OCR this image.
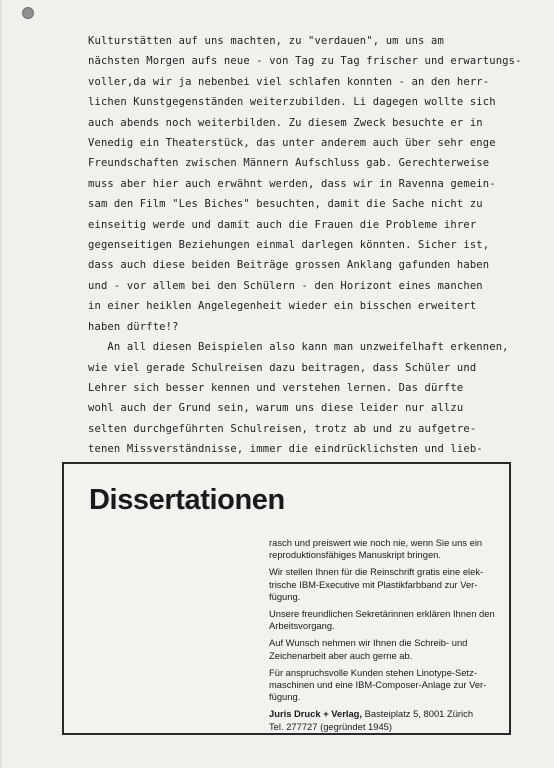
Kulturstätten auf uns machten, zu "verdauen", um uns am
nächsten Morgen aufs neue - von Tag zu Tag frischer und erwartungs-
voller,da wir ja nebenbei viel schlafen konnten - an den herr-
lichen Kunstgegenständen weiterzubilden. Li dagegen wollte sich
auch abends noch weiterbilden. Zu diesem Zweck besuchte er in
Venedig ein Theaterstück, das unter anderem auch über sehr enge
Freundschaften zwischen Männern Aufschluss gab. Gerechterweise
muss aber hier auch erwähnt werden, dass wir in Ravenna gemein-
sam den Film "Les Biches" besuchten, damit die Sache nicht zu
einseitig werde und damit auch die Frauen die Probleme ihrer
gegenseitigen Beziehungen einmal darlegen könnten. Sicher ist,
dass auch diese beiden Beiträge grossen Anklang gafunden haben
und - vor allem bei den Schülern - den Horizont eines manchen
in einer heiklen Angelegenheit wieder ein bisschen erweitert
haben dürfte!?
An all diesen Beispielen also kann man unzweifelhaft erkennen,
wie viel gerade Schulreisen dazu beitragen, dass Schüler und
Lehrer sich besser kennen und verstehen lernen. Das dürfte
wohl auch der Grund sein, warum uns diese leider nur allzu
selten durchgeführten Schulreisen, trotz ab und zu aufgetre-
tenen Missverständnisse, immer die eindrücklichsten und lieb-
Dissertationen

rasch und preiswert wie noch nie, wenn Sie uns ein
reproduktionsfähiges Manuskript bringen.

Wir stellen Ihnen für die Reinschrift gratis eine elek-
trische IBM-Executive mit Plastikfarbband zur Ver-
fügung.

Unsere freundlichen Sekretärinnen erklären Ihnen den
Arbeitsvorgang.

Auf Wunsch nehmen wir Ihnen die Schreib- und
Zeichenarbeit aber auch gerne ab.

Für anspruchsvolle Kunden stehen Linotype-Setz-
maschinen und eine IBM-Composer-Anlage zur Ver-
fügung.

Juris Druck + Verlag, Basteiplatz 5, 8001 Zürich
Tel. 277727 (gegründet 1945)
